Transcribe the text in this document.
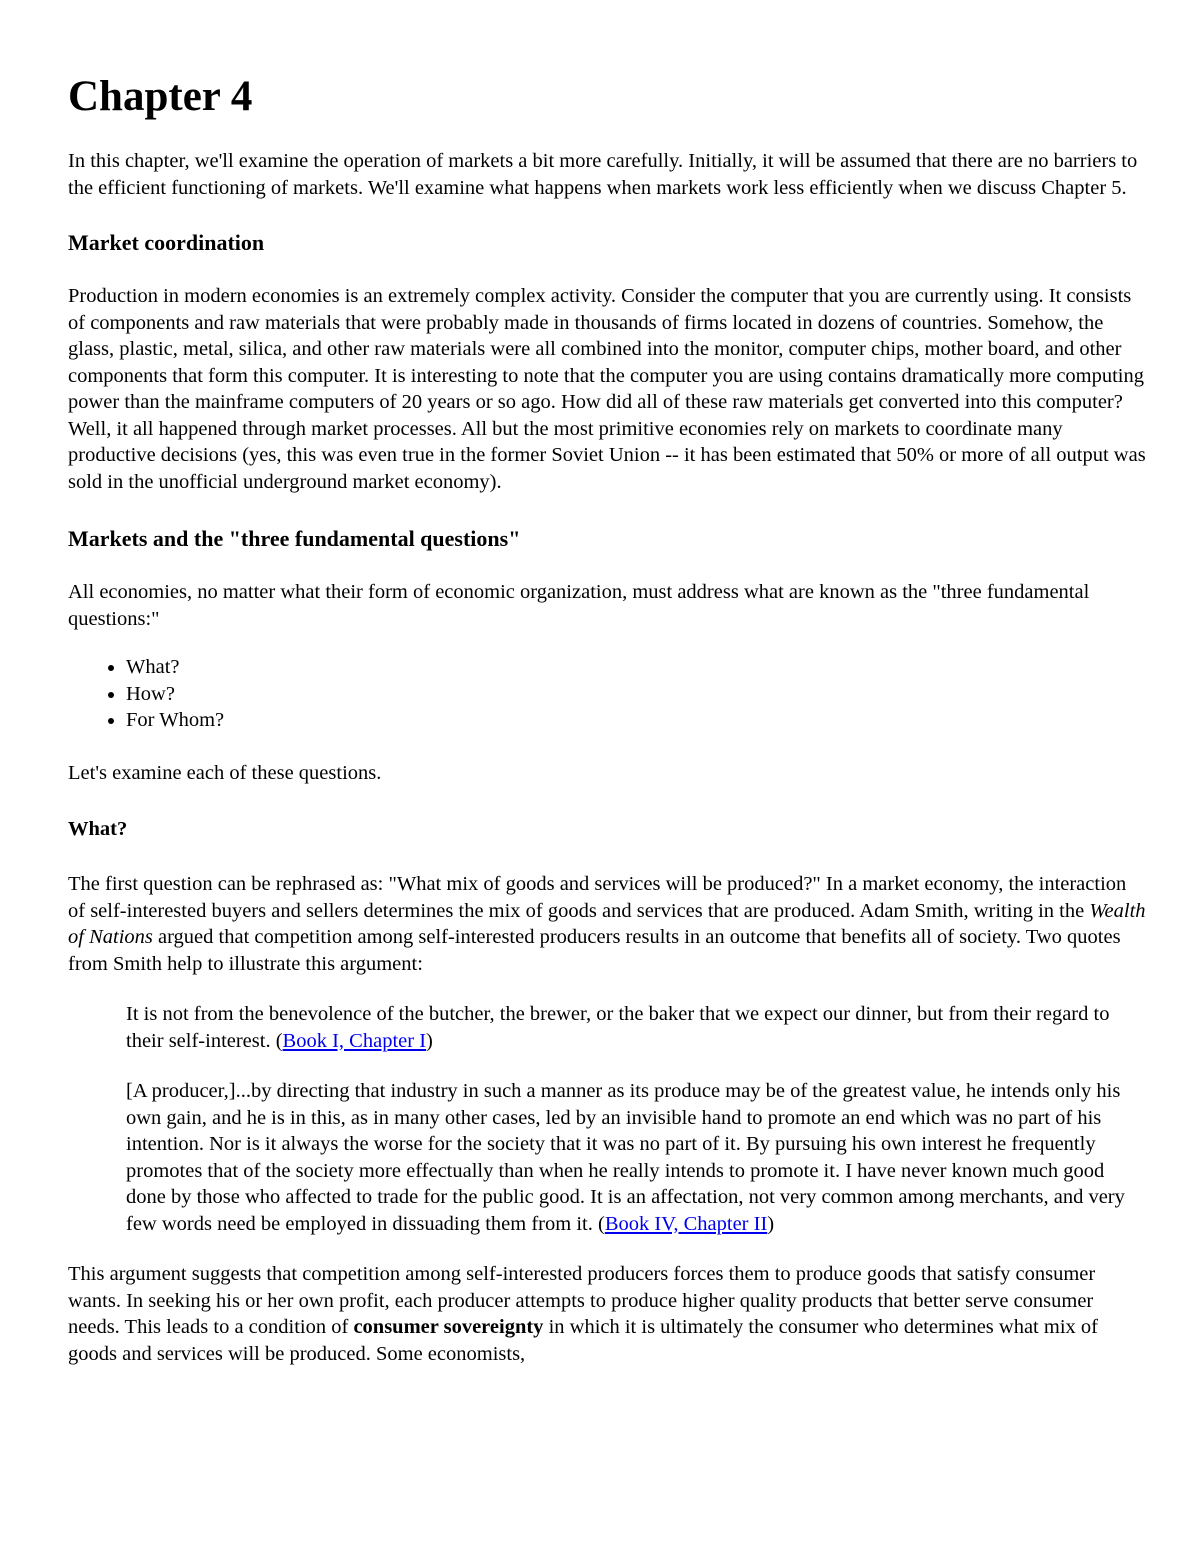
Chapter 4

In this chapter, we'll examine the operation of markets a bit more carefully. Initially, it will be assumed that there are no barriers to the efficient functioning of markets. We'll examine what happens when markets work less efficiently when we discuss Chapter 5.

Market coordination

Production in modern economies is an extremely complex activity. Consider the computer that you are currently using. It consists of components and raw materials that were probably made in thousands of firms located in dozens of countries. Somehow, the glass, plastic, metal, silica, and other raw materials were all combined into the monitor, computer chips, mother board, and other components that form this computer. It is interesting to note that the computer you are using contains dramatically more computing power than the mainframe computers of 20 years or so ago. How did all of these raw materials get converted into this computer? Well, it all happened through market processes. All but the most primitive economies rely on markets to coordinate many productive decisions (yes, this was even true in the former Soviet Union -- it has been estimated that 50% or more of all output was sold in the unofficial underground market economy).

Markets and the "three fundamental questions"

All economies, no matter what their form of economic organization, must address what are known as the "three fundamental questions:"

• What?
• How?
• For Whom?

Let's examine each of these questions.

What?

The first question can be rephrased as: "What mix of goods and services will be produced?" In a market economy, the interaction of self-interested buyers and sellers determines the mix of goods and services that are produced. Adam Smith, writing in the Wealth of Nations argued that competition among self-interested producers results in an outcome that benefits all of society. Two quotes from Smith help to illustrate this argument:

It is not from the benevolence of the butcher, the brewer, or the baker that we expect our dinner, but from their regard to their self-interest. (Book I, Chapter I)

[A producer,]...by directing that industry in such a manner as its produce may be of the greatest value, he intends only his own gain, and he is in this, as in many other cases, led by an invisible hand to promote an end which was no part of his intention. Nor is it always the worse for the society that it was no part of it. By pursuing his own interest he frequently promotes that of the society more effectually than when he really intends to promote it. I have never known much good done by those who affected to trade for the public good. It is an affectation, not very common among merchants, and very few words need be employed in dissuading them from it. (Book IV, Chapter II)

This argument suggests that competition among self-interested producers forces them to produce goods that satisfy consumer wants. In seeking his or her own profit, each producer attempts to produce higher quality products that better serve consumer needs. This leads to a condition of consumer sovereignty in which it is ultimately the consumer who determines what mix of goods and services will be produced. Some economists,
